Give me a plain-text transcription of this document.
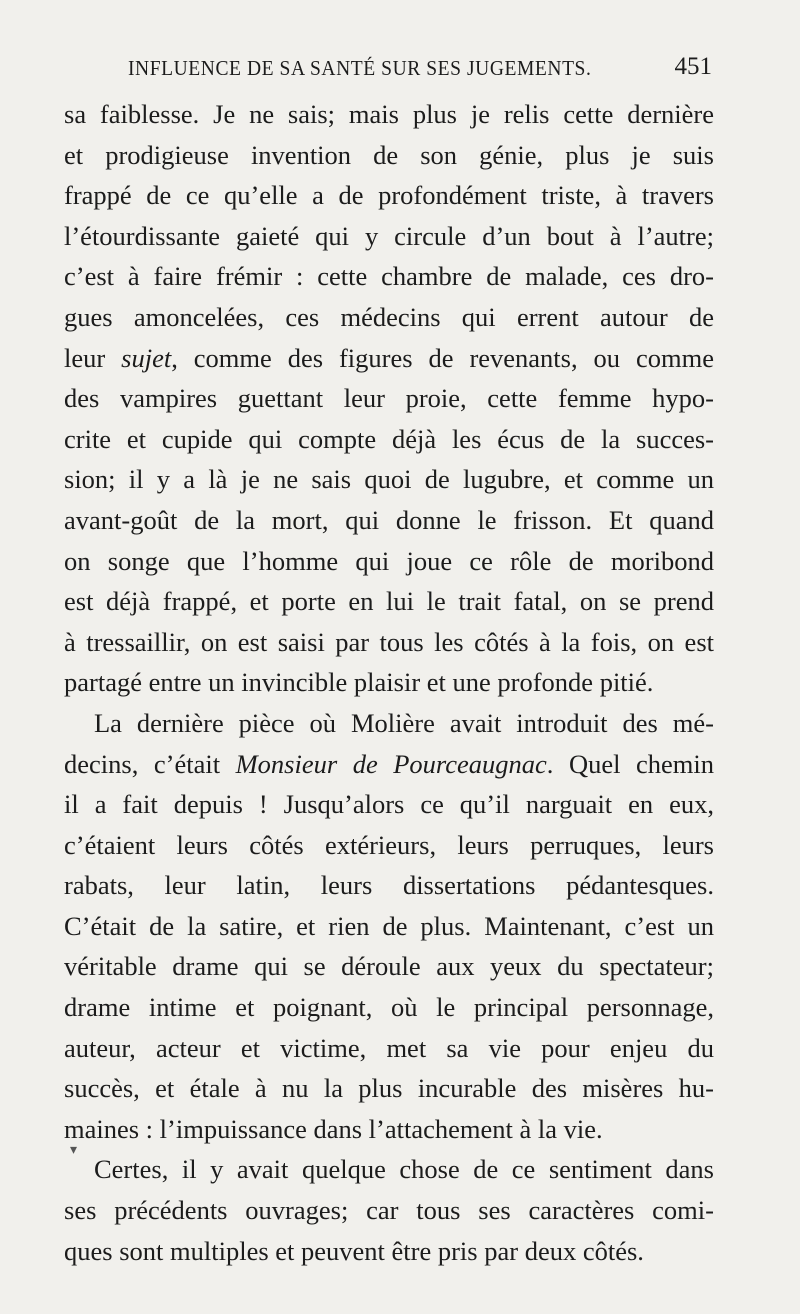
INFLUENCE DE SA SANTÉ SUR SES JUGEMENTS.	451
sa faiblesse. Je ne sais; mais plus je relis cette dernière
et prodigieuse invention de son génie, plus je suis
frappé de ce qu’elle a de profondément triste, à travers
l’étourdissante gaieté qui y circule d’un bout à l’autre;
c’est à faire frémir : cette chambre de malade, ces dro-
gues amoncelées, ces médecins qui errent autour de
leur sujet, comme des figures de revenants, ou comme
des vampires guettant leur proie, cette femme hypo-
crite et cupide qui compte déjà les écus de la succes-
sion; il y a là je ne sais quoi de lugubre, et comme un
avant-goût de la mort, qui donne le frisson. Et quand
on songe que l’homme qui joue ce rôle de moribond
est déjà frappé, et porte en lui le trait fatal, on se prend
à tressaillir, on est saisi par tous les côtés à la fois, on est
partagé entre un invincible plaisir et une profonde pitié.
La dernière pièce où Molière avait introduit des mé-
decins, c’était Monsieur de Pourceaugnac. Quel chemin
il a fait depuis ! Jusqu’alors ce qu’il narguait en eux,
c’étaient leurs côtés extérieurs, leurs perruques, leurs
rabats, leur latin, leurs dissertations pédantesques.
C’était de la satire, et rien de plus. Maintenant, c’est un
véritable drame qui se déroule aux yeux du spectateur;
drame intime et poignant, où le principal personnage,
auteur, acteur et victime, met sa vie pour enjeu du
succès, et étale à nu la plus incurable des misères hu-
maines : l’impuissance dans l’attachement à la vie.
Certes, il y avait quelque chose de ce sentiment dans
ses précédents ouvrages; car tous ses caractères comi-
ques sont multiples et peuvent être pris par deux côtés.
▾
